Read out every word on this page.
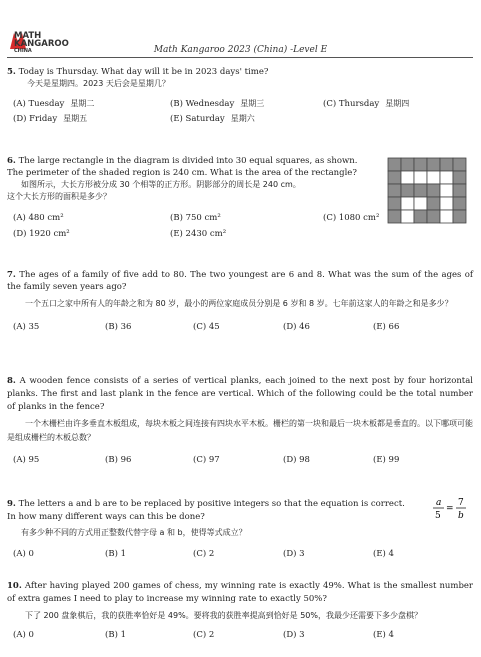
MATH
KANGAROO
CHINA	Math Kangaroo 2023 (China) -Level E

5. Today is Thursday. What day will it be in 2023 days' time?

今天是星期四。2023 天后会是星期几？

(A) Tuesday 星期二	(B) Wednesday 星期三	(C) Thursday 星期四
(D) Friday 星期五	(E) Saturday 星期六

6. The large rectangle in the diagram is divided into 30 equal squares, as shown.

The perimeter of the shaded region is 240 cm. What is the area of the rectangle?

如图所示，大长方形被分成 30 个相等的正方形。阴影部分的周长是 240 cm。

这个大长方形的面积是多少？

(A) 480 cm²	(B) 750 cm²	(C) 1080 cm²
(D) 1920 cm²	(E) 2430 cm²

7. The ages of a family of five add to 80. The two youngest are 6 and 8. What was the sum of the ages of the family seven years ago?

一个五口之家中所有人的年龄之和为 80 岁，最小的两位家庭成员分别是 6 岁和 8 岁。七年前这家人的年龄之和是多少？

(A) 35	(B) 36	(C) 45	(D) 46	(E) 66

8. A wooden fence consists of a series of vertical planks, each joined to the next post by four horizontal planks. The first and last plank in the fence are vertical. Which of the following could be the total number of planks in the fence?

一个木栅栏由许多垂直木板组成，每块木板之间连接有四块水平木板。栅栏的第一块和最后一块木板都是垂直的。以下哪项可能是组成栅栏的木板总数？

(A) 95	(B) 96	(C) 97	(D) 98	(E) 99

9. The letters a and b are to be replaced by positive integers so that the equation is correct.

In how many different ways can this be done?

有多少种不同的方式用正整数代替字母 a 和 b，使得等式成立？

(A) 0	(B) 1	(C) 2	(D) 3	(E) 4
a
5
=
7
b

10. After having played 200 games of chess, my winning rate is exactly 49%. What is the smallest number of extra games I need to play to increase my winning rate to exactly 50%?

下了 200 盘象棋后，我的获胜率恰好是 49%。要将我的获胜率提高到恰好是 50%，我最少还需要下多少盘棋？

(A) 0	(B) 1	(C) 2	(D) 3	(E) 4
